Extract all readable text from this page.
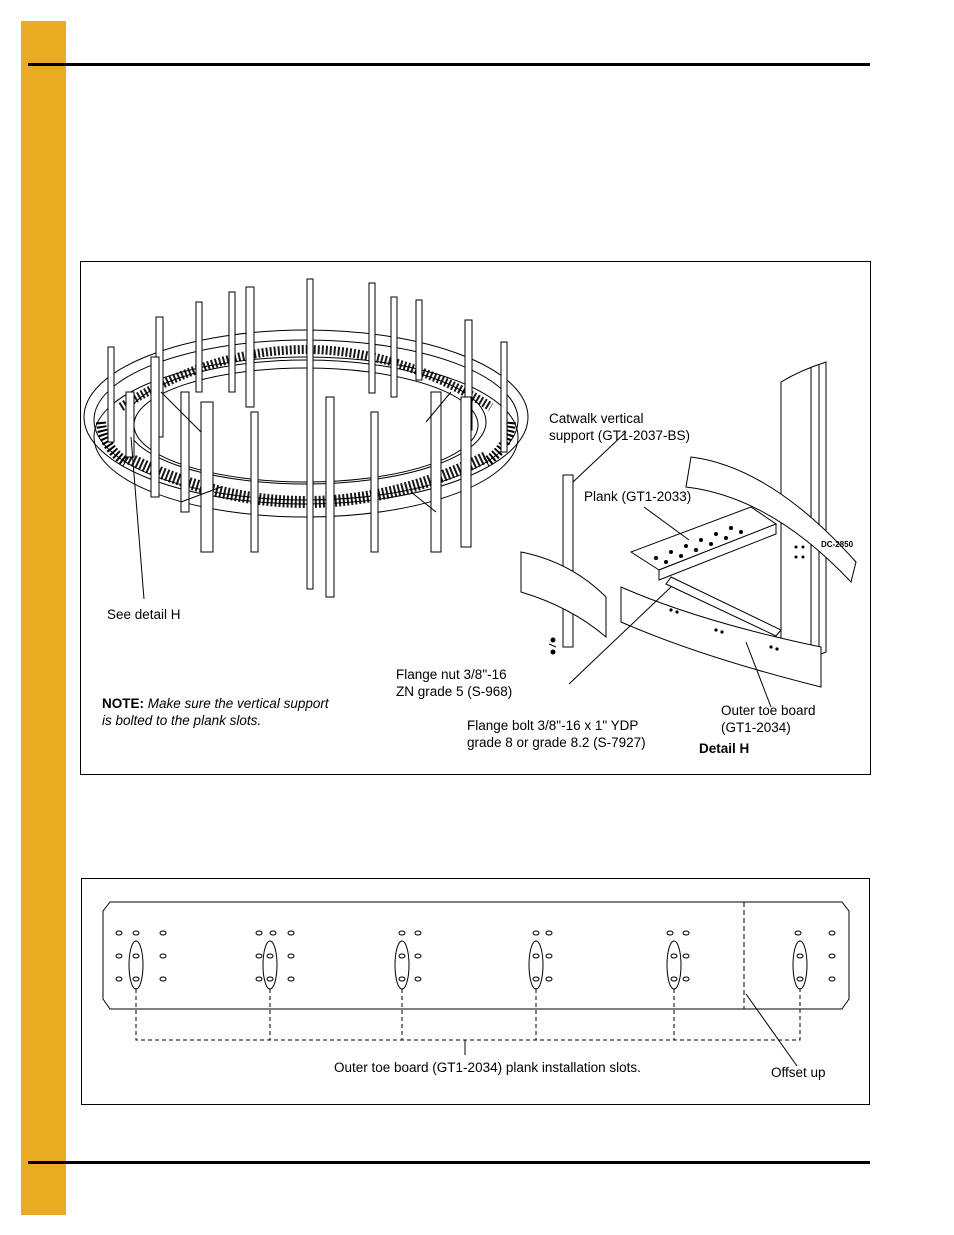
DC-2850
Catwalk vertical
support (GT1-2037-BS)
Plank (GT1-2033)
See detail H
Flange nut 3/8"-16
ZN grade 5 (S-968)
NOTE: Make sure the vertical support
is bolted to the plank slots.	Flange bolt 3/8"-16 x 1" YDP
grade 8 or grade 8.2 (S-7927)
Outer toe board
(GT1-2034)
Detail H
Outer toe board (GT1-2034) plank installation slots.	Offset up
